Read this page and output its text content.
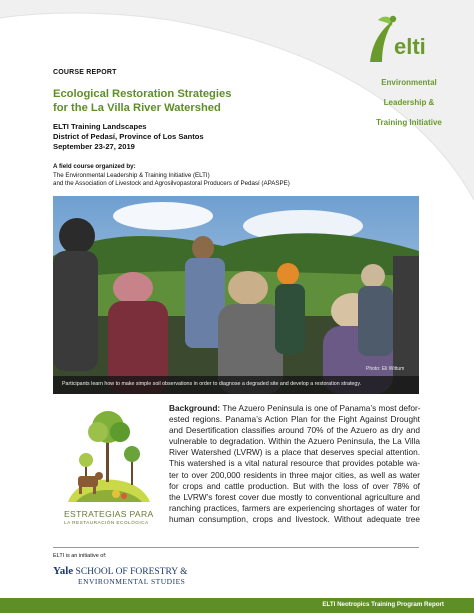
elti

Environmental

Leadership &

Training Initiative

COURSE REPORT
Ecological Restoration Strategies
for the La Villa River Watershed
ELTI Training Landscapes
District of Pedasí, Province of Los Santos
September 23-27, 2019
A field course organized by:
The Environmental Leadership & Training Initiative (ELTI)
and the Association of Livestock and Agrosilvopastoral Producers of Pedasí (APASPE)
Participants learn how to make simple soil observations in order to diagnose a degraded site and develop a restoration strategy.
Photo: Eli Wittum
ESTRATEGIAS PARA
LA RESTAURACIÓN ECOLÓGICA
Background: The Azuero Peninsula is one of Panama’s most defor-
ested regions. Panama’s Action Plan for the Fight Against Drought
and Desertification classifies around 70% of the Azuero as dry and
vulnerable to degradation. Within the Azuero Peninsula, the La Villa
River Watershed (LVRW) is a place that deserves special attention.
This watershed is a vital natural resource that provides potable wa-
ter to over 200,000 residents in three major cities, as well as water
for crops and cattle production. But with the loss of over 78% of
the LVRW’s forest cover due mostly to conventional agriculture and
ranching practices, farmers are experiencing shortages of water for
human consumption, crops and livestock. Without adequate tree
ELTI is an initiative of:
Yale SCHOOL OF FORESTRY &
ENVIRONMENTAL STUDIES
ELTI Neotropics Training Program Report
